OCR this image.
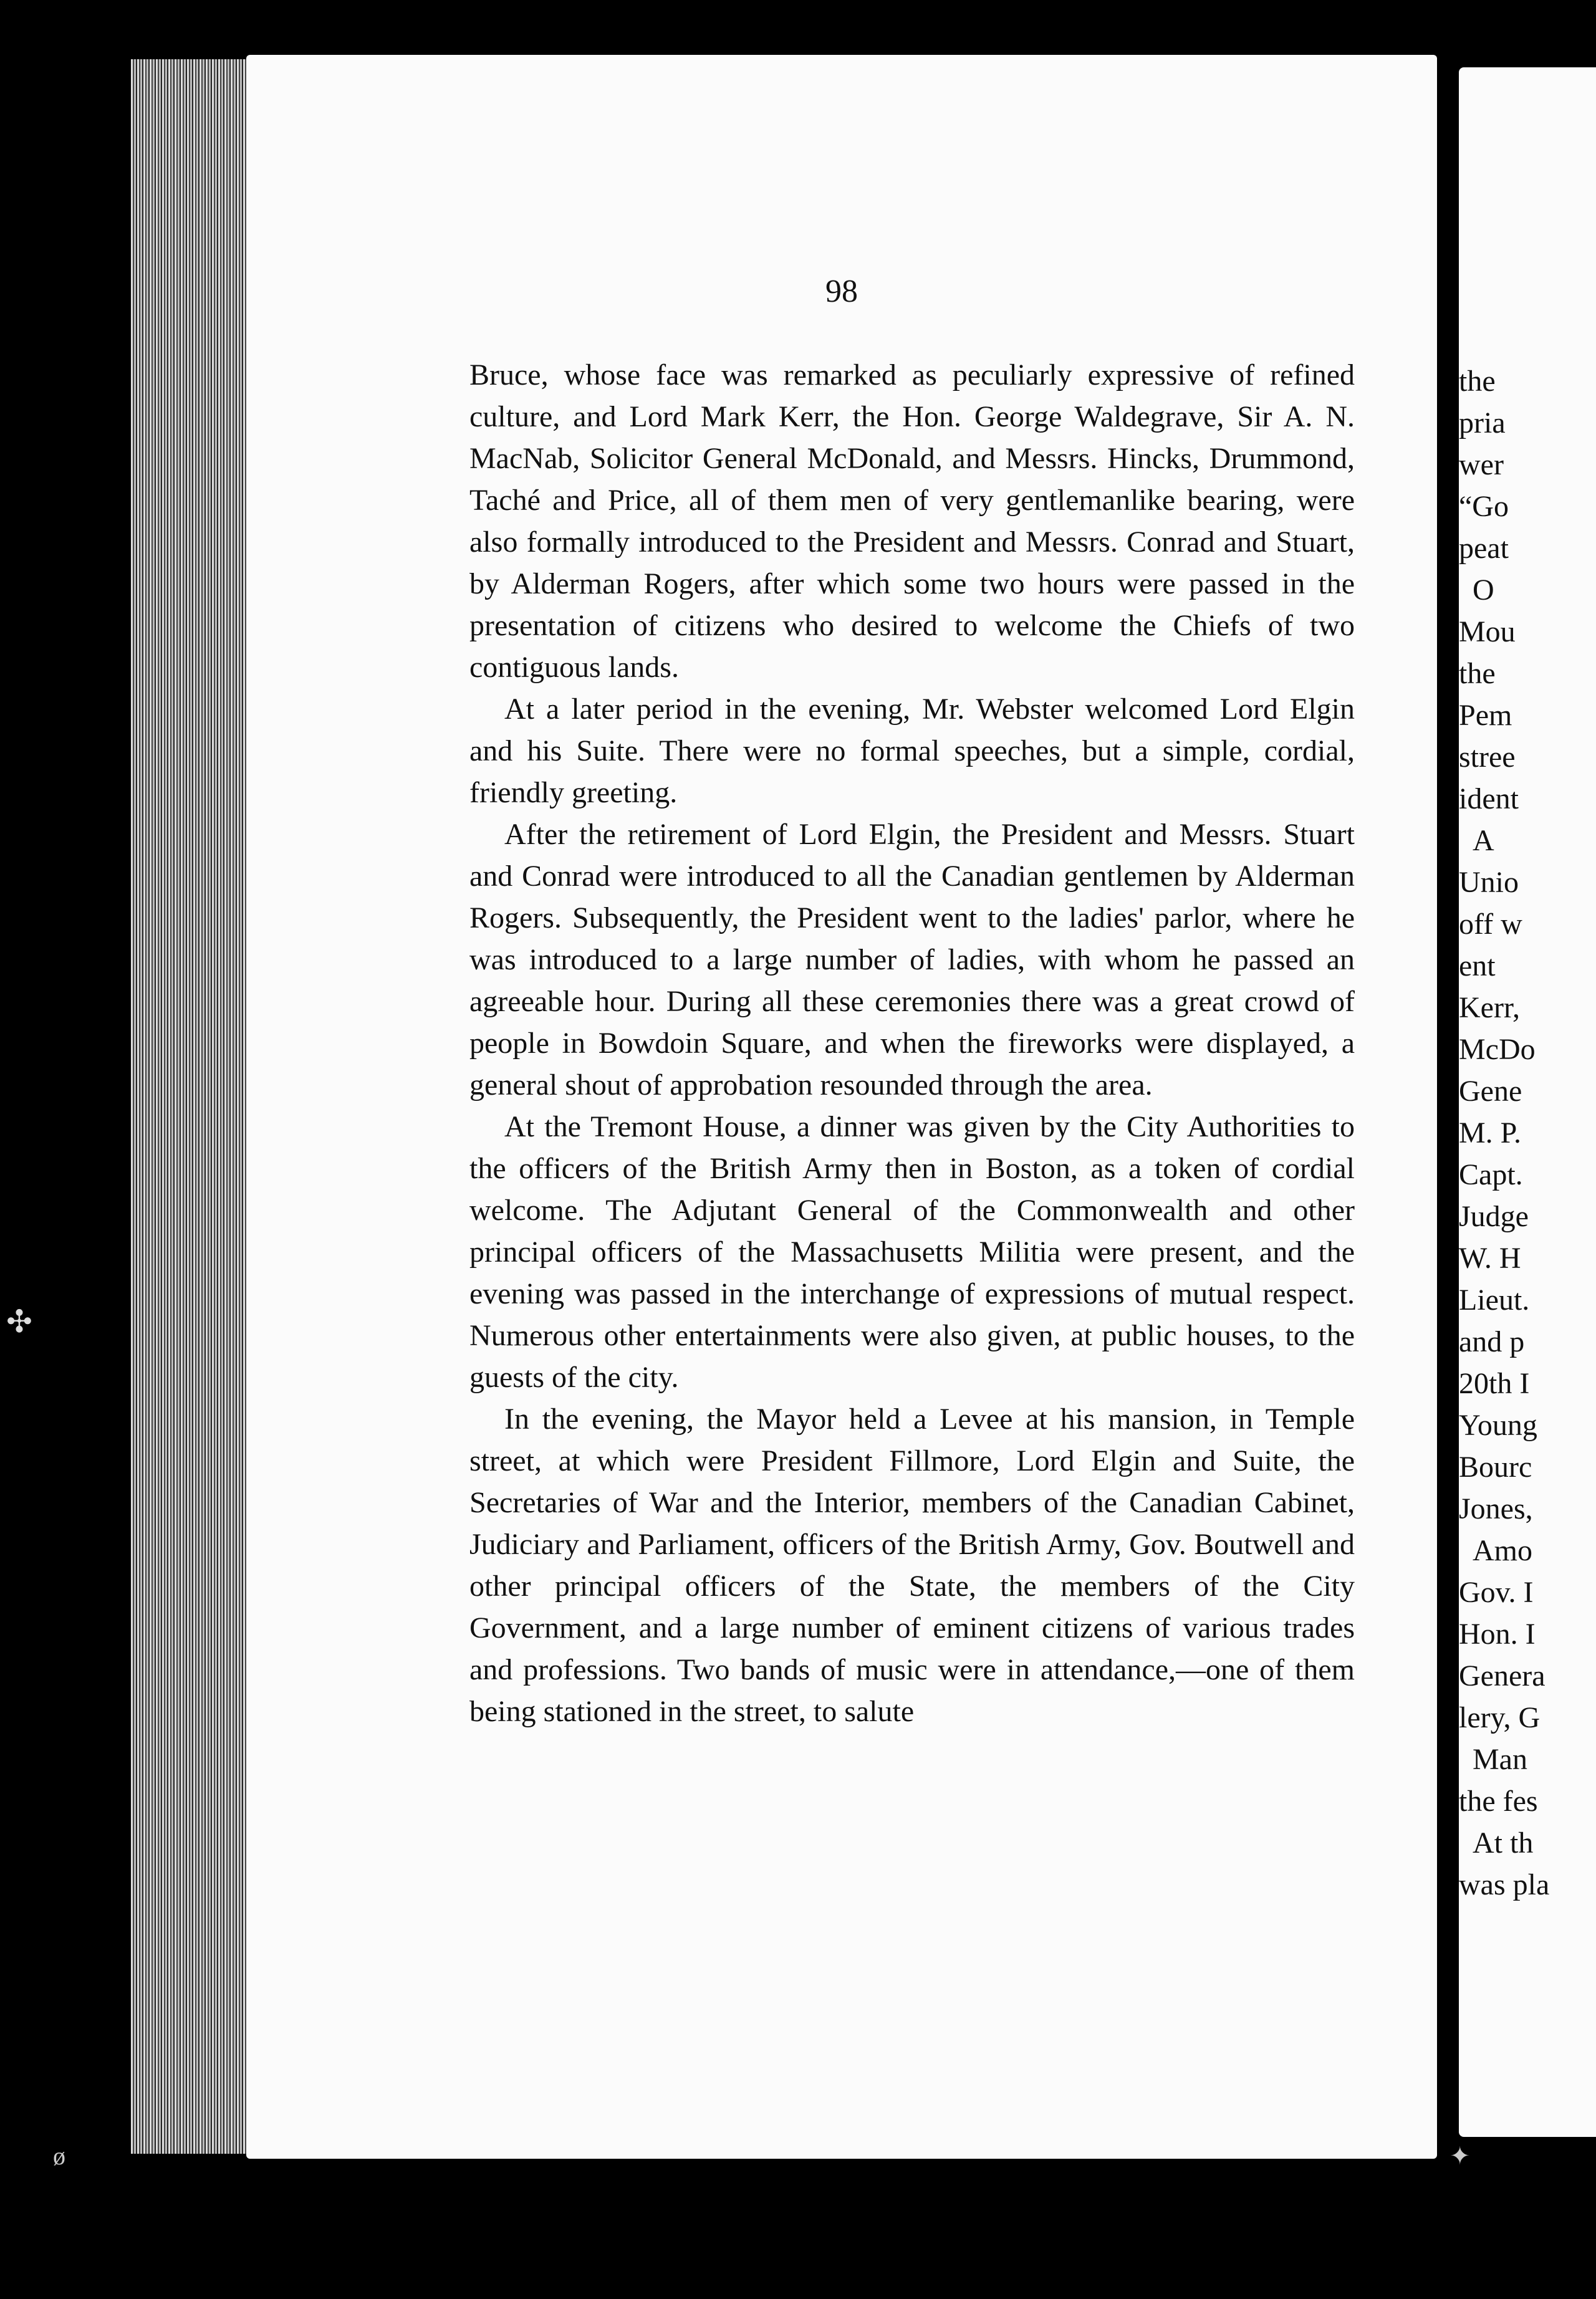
✣
ø	✦
98

Bruce, whose face was remarked as peculiarly expressive of refined culture, and Lord Mark Kerr, the Hon. George Waldegrave, Sir A. N. MacNab, Solicitor General McDonald, and Messrs. Hincks, Drummond, Taché and Price, all of them men of very gentlemanlike bearing, were also formally introduced to the President and Messrs. Conrad and Stuart, by Alderman Rogers, after which some two hours were passed in the presentation of citizens who desired to welcome the Chiefs of two contiguous lands.

At a later period in the evening, Mr. Webster welcomed Lord Elgin and his Suite. There were no formal speeches, but a simple, cordial, friendly greeting.

After the retirement of Lord Elgin, the President and Messrs. Stuart and Conrad were introduced to all the Canadian gentlemen by Alderman Rogers. Subsequently, the President went to the ladies' parlor, where he was introduced to a large number of ladies, with whom he passed an agreeable hour. During all these ceremonies there was a great crowd of people in Bowdoin Square, and when the fireworks were displayed, a general shout of approbation resounded through the area.

At the Tremont House, a dinner was given by the City Authorities to the officers of the British Army then in Boston, as a token of cordial welcome. The Adjutant General of the Commonwealth and other principal officers of the Massachusetts Militia were present, and the evening was passed in the interchange of expressions of mutual respect. Numerous other entertainments were also given, at public houses, to the guests of the city.

In the evening, the Mayor held a Levee at his mansion, in Temple street, at which were President Fillmore, Lord Elgin and Suite, the Secretaries of War and the Interior, members of the Canadian Cabinet, Judiciary and Parliament, officers of the British Army, Gov. Boutwell and other principal officers of the State, the members of the City Government, and a large number of eminent citizens of various trades and professions. Two bands of music were in attendance,—one of them being stationed in the street, to salute

the
pria
wer
“Go
peat
O
Mou
the
Pem
stree
ident
A
Unio
off w
ent
Kerr,
McDo
Gene
M. P.
Capt.
Judge
W. H
Lieut.
and p
20th I
Young
Bourc
Jones,
Amo
Gov. I
Hon. I
Genera
lery, G
Man
the fes
At th
was pla
